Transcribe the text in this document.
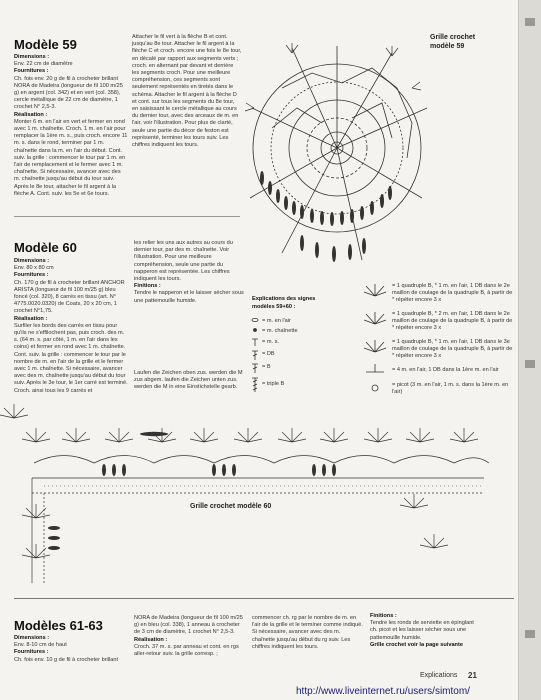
Modèle 59
Dimensions :
Env. 22 cm de diamètre
Fournitures :
Ch. fois env. 20 g de fil à crocheter brillant NORA de Madeira (longueur de fil 100 m/25 g) en argent (col. 342) et en vert (col. 358), cercle métallique de 22 cm de diamètre, 1 crochet N° 2,5-3.
Réalisation :
Monter 6 m. en l'air en vert et fermer en rond avec 1 m. chaînette. Croch. 1 m. en l'air pour remplacer la 1ère m. s., puis croch. encore 11 m. s. dans le rond, terminer par 1 m. chaînette dans la m. en l'air du début. Cont. suiv. la grille : commencer le tour par 1 m. en l'air de remplacement et le fermer avec 1 m. chaînette. Si nécessaire, avancer avec des m. chaînette jusqu'au début du tour suiv. Après le 8e tour, attacher le fil argent à la flèche A. Cont. suiv. les 5e et 6e tours.
Attacher le fil vert à la flèche B et cont. jusqu'au 8e tour. Attacher le fil argent à la flèche C et croch. encore une fois le 8e tour, en décalé par rapport aux segments verts ; croch. en alternant par devant et derrière les segments croch. Pour une meilleure compréhension, ces segments sont seulement représentés en tiretés dans le schéma. Attacher le fil argent à la flèche D et cont. sur tous les segments du 8e tour, en saisissant le cercle métallique au cours du dernier tour, avec des arceaux de m. en l'air, voir l'illustration. Pour plus de clarté, seule une partie du décor de feston est représenté, terminer les tours suiv. Les chiffres indiquent les tours.
Grille crochet
modèle 59
Modèle 60
Dimensions :
Env. 80 x 80 cm
Fournitures :
Ch. 170 g de fil à crocheter brillant ANCHOR ARISTA (longueur de fil 100 m/25 g) bleu foncé (col. 320), 8 carrés en tissu (art. N° 4775.0020.0320) de Coats, 20 x 20 cm, 1 crochet N°1,75.
Réalisation :
Surfiler les bords des carrés en tissu pour qu'ils ne s'effilochent pas, puis croch. des m. s. (64 m. s. par côté, 1 m. en l'air dans les coins) et fermer en rond avec 1 m. chaînette. Cont. suiv. la grille : commencer le tour par le nombre de m. en l'air de la grille et le fermer avec 1 m. chaînette. Si nécessaire, avancer avec des m. chaînette jusqu'au début du tour suiv. Après le 3e tour, le 1er carré est terminé. Croch. ainsi tous les 9 carrés et
les relier les uns aux autres au cours du dernier tour, par des m. chaînette. Voir l'illustration. Pour une meilleure compréhension, seule une partie du napperon est représentée. Les chiffres indiquent les tours.
Finitions :
Tendre le napperon et le laisser sécher sous une pattemouille humide.
Laufen die Zeichen oben zus. werden die M zus abgem. laufen die Zeichen unten zus. werden die M in eine Einstichstelle gearb.
Explications des signes
modèles 59+60 :
= m. en l'air
= m. chaînette
= m. s.
= DB
= B
= triple B
= 1 quadruple B, * 1 m. en l'air, 1 DB dans le 2e maillon de coulage de la quadruple B, à partir de * répéter encore 3 x
= 1 quadruple B, * 2 m. en l'air, 1 DB dans le 2e maillon de coulage de la quadruple B, à partir de * répéter encore 3 x
= 1 quadruple B, * 1 m. en l'air, 1 DB dans le 3e maillon de coulage de la quadruple B, à partir de * répéter encore 3 x
= 4 m. en l'air, 1 DB dans la 1ère m. en l'air
= picot (3 m. en l'air, 1 m. s. dans la 1ère m. en l'air)
Grille crochet modèle 60
Modèles 61-63
Dimensions :
Env. 8-10 cm de haut
Fournitures :
Ch. fois env. 10 g de fil à crocheter brillant
NORA de Madeira (longueur de fil 100 m/25 g) en bleu (col. 338), 1 anneau à crocheter de 3 cm de diamètre, 1 crochet N° 2,5-3.
Réalisation :
Croch. 37 m. s. par anneau et cont. en rgs aller-retour suiv. la grille corresp. ;
commencer ch. rg par le nombre de m. en l'air de la grille et le terminer comme indiqué. Si nécessaire, avancer avec des m. chaînette jusqu'au début du rg suiv. Les chiffres indiquent les tours.
Finitions :
Tendre les ronds de serviette en épinglant ch. picot et les laisser sécher sous une pattemouille humide.
Grille crochet voir la page suivante
Explications 21
http://www.liveinternet.ru/users/simtom/
